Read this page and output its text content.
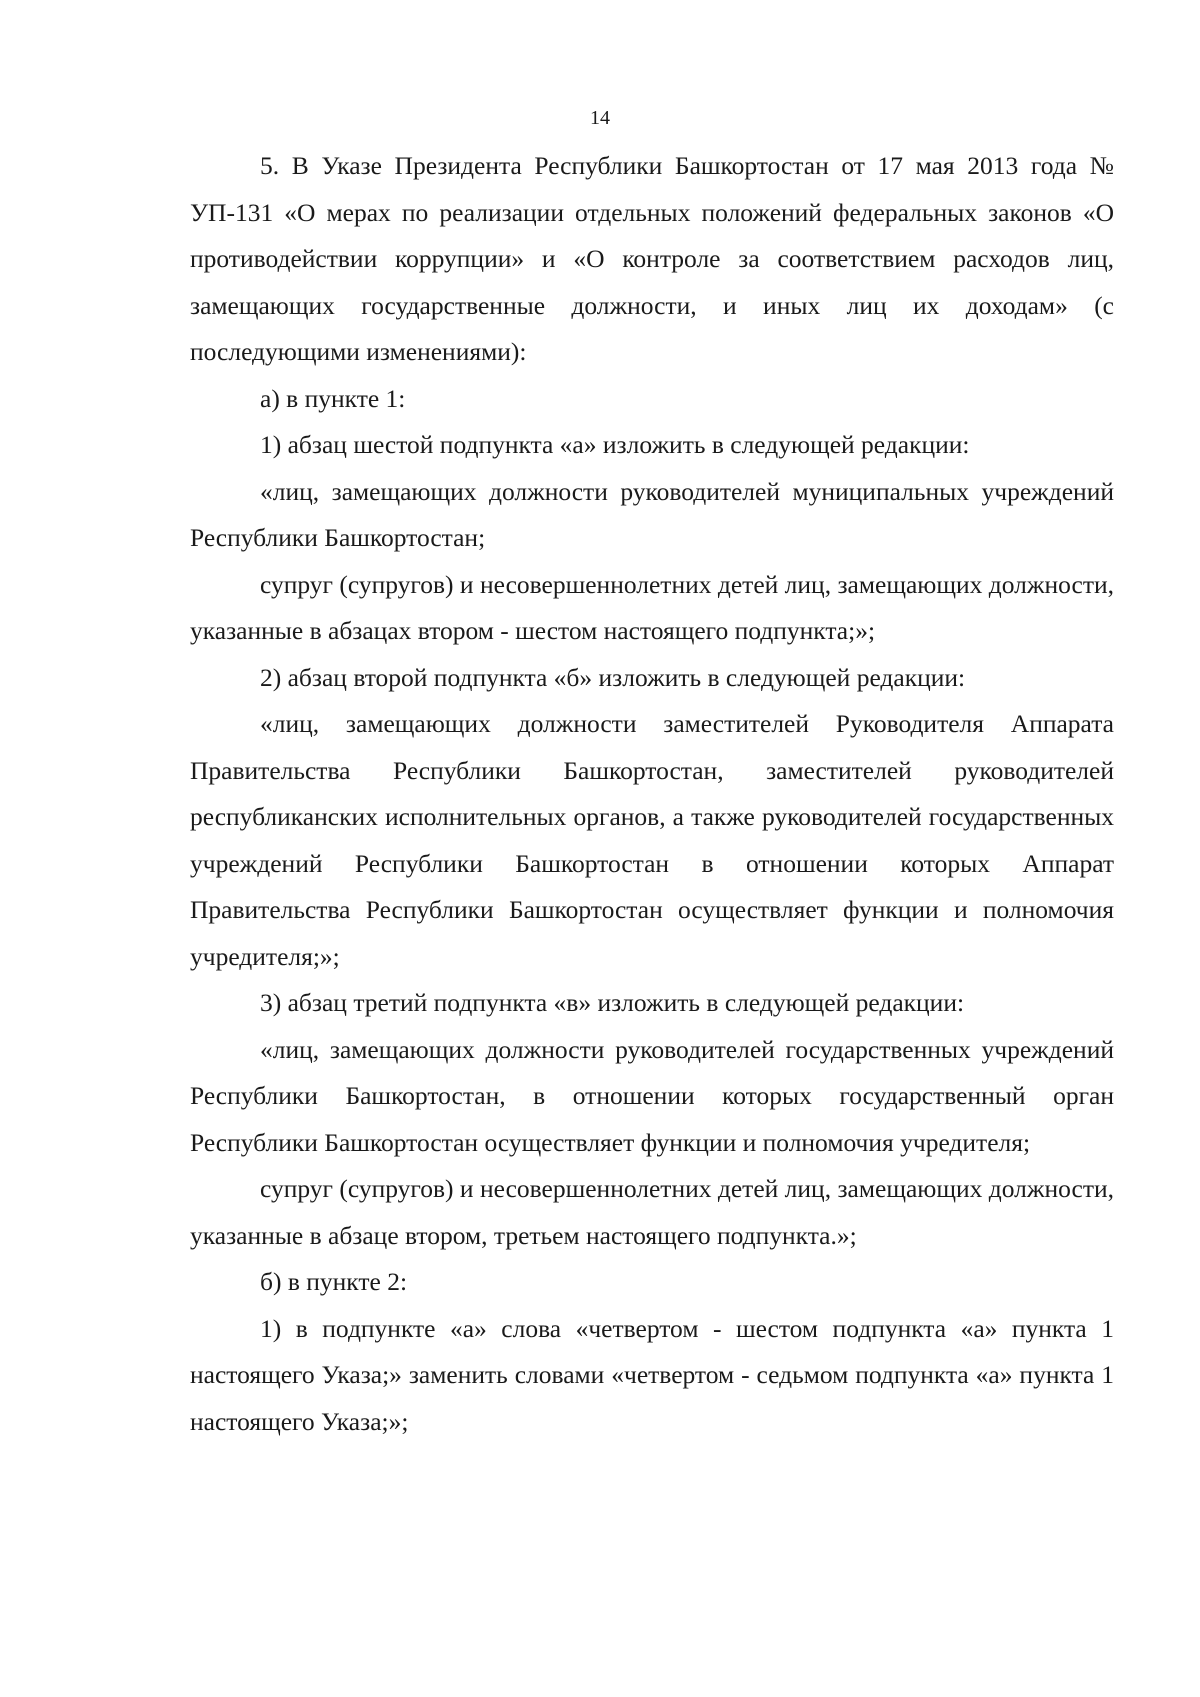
14

5. В Указе Президента Республики Башкортостан от 17 мая 2013 года № УП-131 «О мерах по реализации отдельных положений федеральных законов «О противодействии коррупции» и «О контроле за соответствием расходов лиц, замещающих государственные должности, и иных лиц их доходам» (с последующими изменениями):

а) в пункте 1:

1) абзац шестой подпункта «а» изложить в следующей редакции:

«лиц, замещающих должности руководителей муниципальных учреждений Республики Башкортостан;

супруг (супругов) и несовершеннолетних детей лиц, замещающих должности, указанные в абзацах втором - шестом настоящего подпункта;»;

2) абзац второй подпункта «б» изложить в следующей редакции:

«лиц, замещающих должности заместителей Руководителя Аппарата Правительства Республики Башкортостан, заместителей руководителей республиканских исполнительных органов, а также руководителей государственных учреждений Республики Башкортостан в отношении которых Аппарат Правительства Республики Башкортостан осуществляет функции и полномочия учредителя;»;

3) абзац третий подпункта «в» изложить в следующей редакции:

«лиц, замещающих должности руководителей государственных учреждений Республики Башкортостан, в отношении которых государственный орган Республики Башкортостан осуществляет функции и полномочия учредителя;

супруг (супругов) и несовершеннолетних детей лиц, замещающих должности, указанные в абзаце втором, третьем настоящего подпункта.»;

б) в пункте 2:

1) в подпункте «а» слова «четвертом - шестом подпункта «а» пункта 1 настоящего Указа;» заменить словами «четвертом - седьмом подпункта «а» пункта 1 настоящего Указа;»;
